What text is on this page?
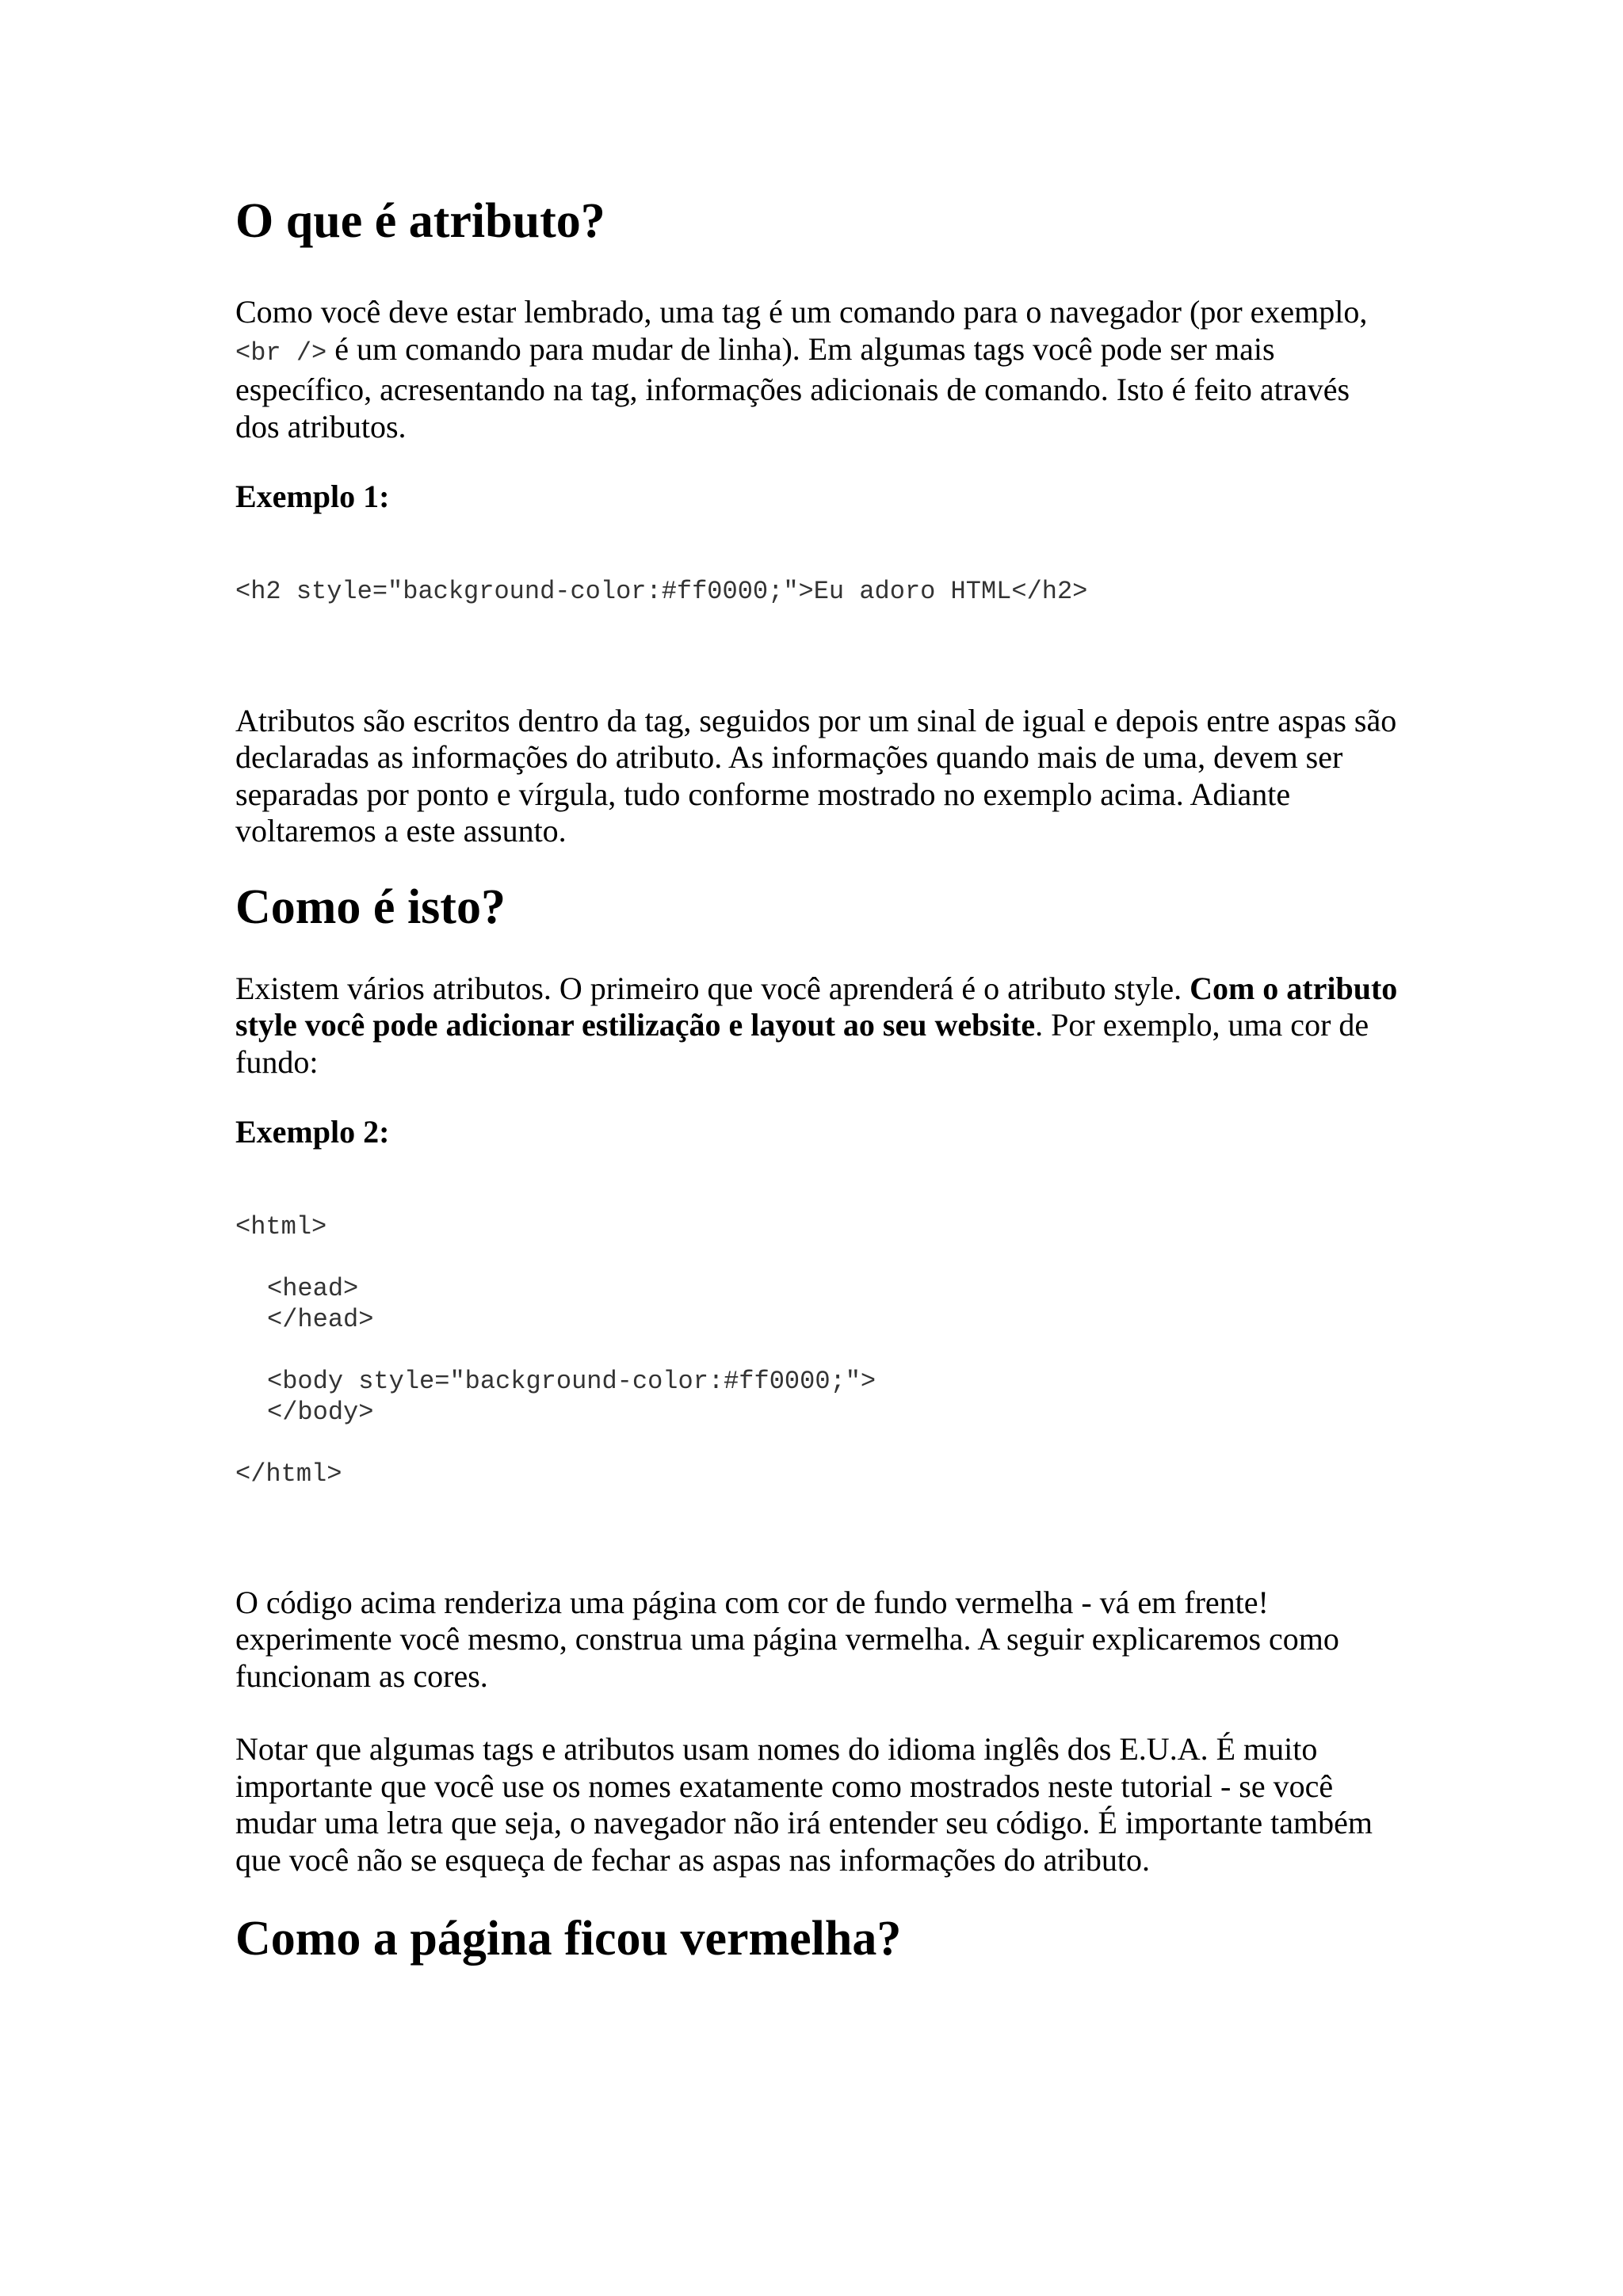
O que é atributo?

Como você deve estar lembrado, uma tag é um comando para o navegador (por exemplo, <br /> é um comando para mudar de linha). Em algumas tags você pode ser mais específico, acresentando na tag, informações adicionais de comando. Isto é feito através dos atributos.

Exemplo 1:

<h2 style="background-color:#ff0000;">Eu adoro HTML</h2>

Atributos são escritos dentro da tag, seguidos por um sinal de igual e depois entre aspas são declaradas as informações do atributo. As informações quando mais de uma, devem ser separadas por ponto e vírgula, tudo conforme mostrado no exemplo acima. Adiante voltaremos a este assunto.

Como é isto?

Existem vários atributos. O primeiro que você aprenderá é o atributo style. Com o atributo style você pode adicionar estilização e layout ao seu website. Por exemplo, uma cor de fundo:

Exemplo 2:

<html>
<head>
</head>
<body style="background-color:#ff0000;">
</body>
</html>

O código acima renderiza uma página com cor de fundo vermelha - vá em frente! experimente você mesmo, construa uma página vermelha. A seguir explicaremos como funcionam as cores.

Notar que algumas tags e atributos usam nomes do idioma inglês dos E.U.A. É muito importante que você use os nomes exatamente como mostrados neste tutorial - se você mudar uma letra que seja, o navegador não irá entender seu código. É importante também que você não se esqueça de fechar as aspas nas informações do atributo.

Como a página ficou vermelha?
